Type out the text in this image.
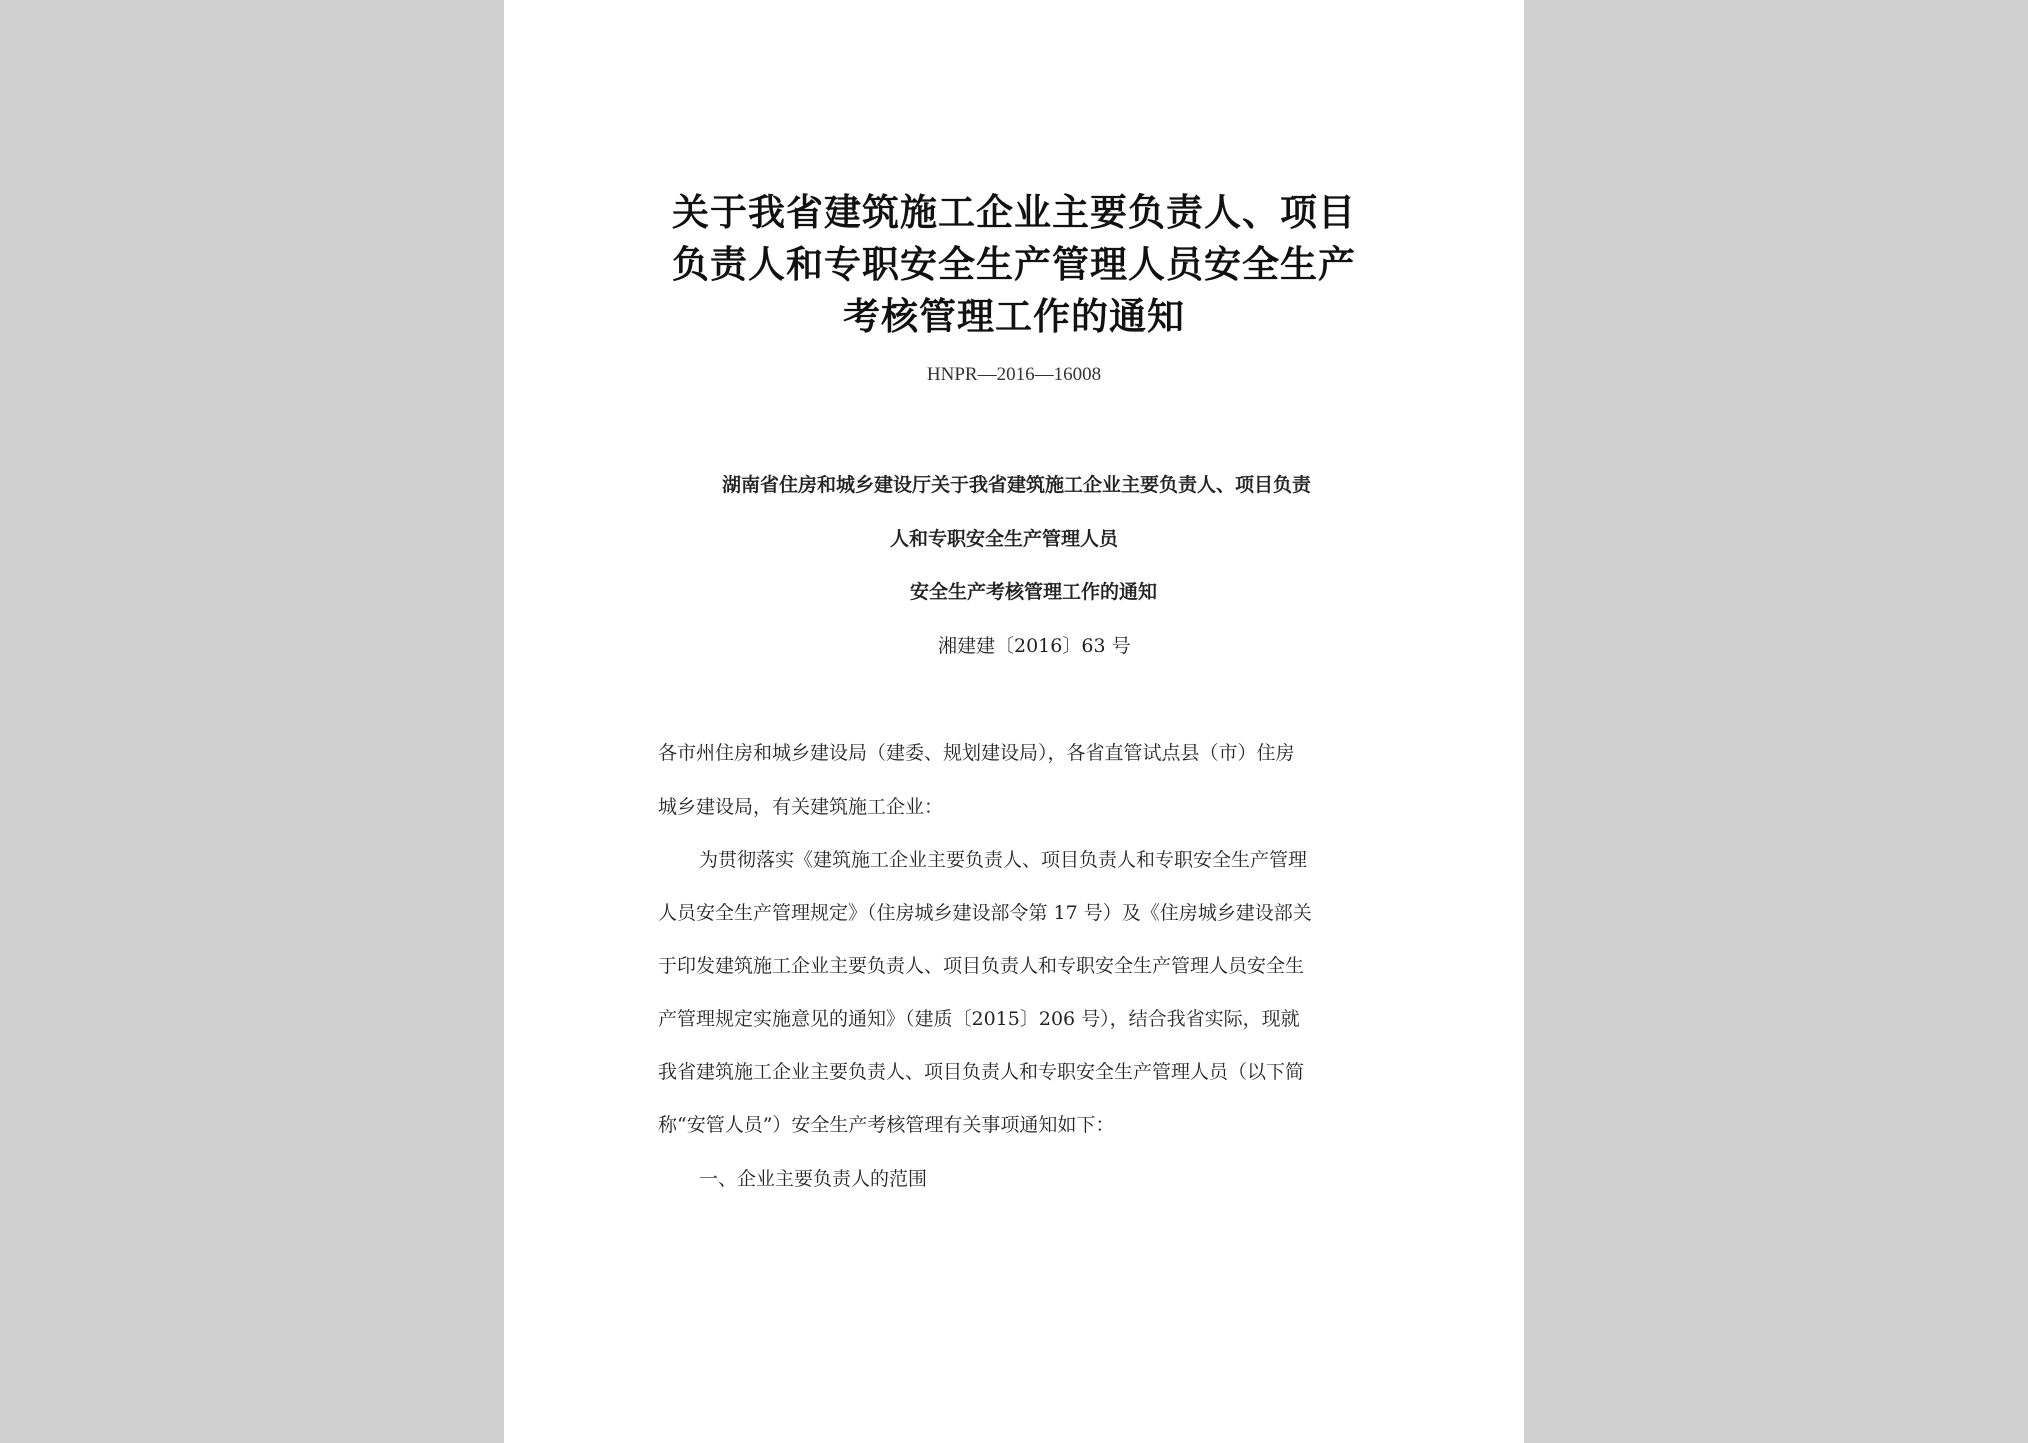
关于我省建筑施工企业主要负责人、项目
负责人和专职安全生产管理人员安全生产
考核管理工作的通知
HNPR—2016—16008
湖南省住房和城乡建设厅关于我省建筑施工企业主要负责人、项目负责
人和专职安全生产管理人员
安全生产考核管理工作的通知
湘建建〔2016〕63 号
各市州住房和城乡建设局（建委、规划建设局），各省直管试点县（市）住房
城乡建设局，有关建筑施工企业：
为贯彻落实《建筑施工企业主要负责人、项目负责人和专职安全生产管理
人员安全生产管理规定》（住房城乡建设部令第 17 号）及《住房城乡建设部关
于印发建筑施工企业主要负责人、项目负责人和专职安全生产管理人员安全生
产管理规定实施意见的通知》（建质〔2015〕206 号），结合我省实际，现就
我省建筑施工企业主要负责人、项目负责人和专职安全生产管理人员（以下简
称“安管人员”）安全生产考核管理有关事项通知如下：
一、企业主要负责人的范围
